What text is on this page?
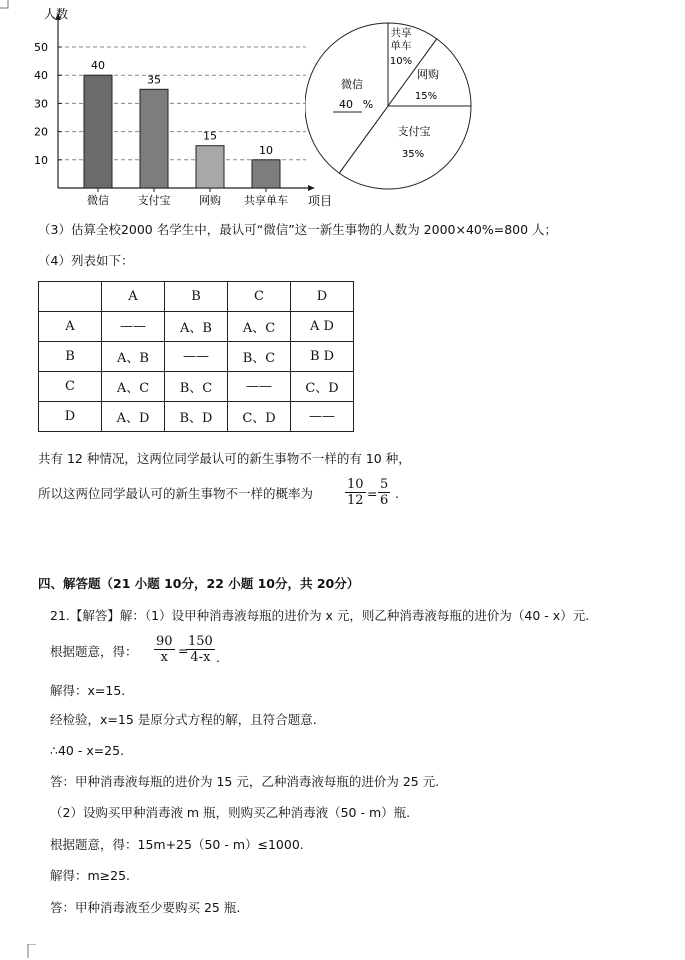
10
20
30
40
50
人数
项目
40
微信
35
支付宝
15
网购
10
共享单车
共享
单车
10%
网购
15%
支付宝
35%
微信
40 %
（3）估算全校2000 名学生中，最认可“微信”这一新生事物的人数为 2000×40%=800 人；
（4）列表如下：
	A	B	C	D
A	——	A、B	A、C	A D
B	A、B	——	B、C	B D
C	A、C	B、C	——	C、D
D	A、D	B、D	C、D	——
共有 12 种情况，这两位同学最认可的新生事物不一样的有 10 种，
所以这两位同学最认可的新生事物不一样的概率为 $\frac{10}{12} = \frac{5}{6}$ .
四、解答题（21 小题 10分，22 小题 10分，共 20分）
21.【解答】解：（1）设甲种消毒液每瓶的进价为 x 元，则乙种消毒液每瓶的进价为（40 - x）元.
根据题意，得： $\frac{90}{x}$ =
$\frac{150}{4-x}$ .
解得：x=15.
经检验，x=15 是原分式方程的解，且符合题意.
∴40 - x=25.
答：甲种消毒液每瓶的进价为 15 元，乙种消毒液每瓶的进价为 25 元.
（2）设购买甲种消毒液 m 瓶，则购买乙种消毒液（50 - m）瓶.
根据题意，得：15m+25（50 - m）≤1000.
解得：m≥25.
答：甲种消毒液至少要购买 25 瓶.
